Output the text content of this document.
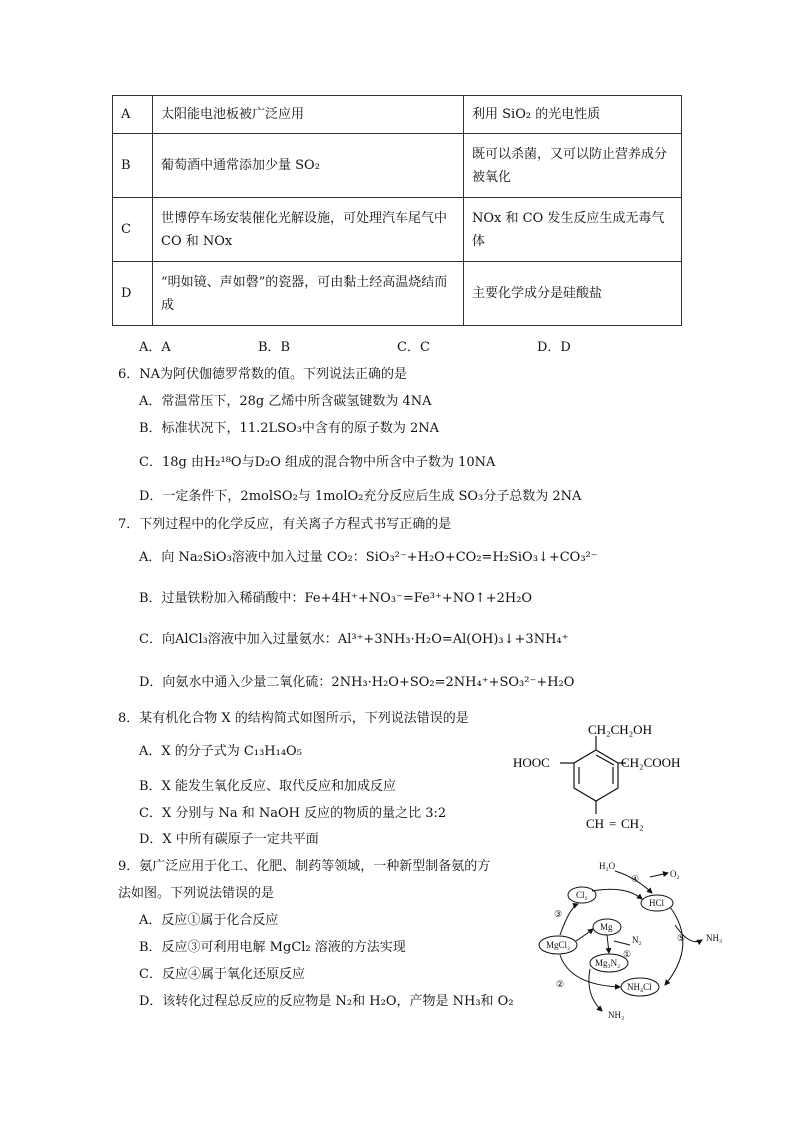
A	太阳能电池板被广泛应用	利用 SiO₂ 的光电性质
B	葡萄酒中通常添加少量 SO₂	既可以杀菌，又可以防止营养成分被氧化
C	世博停车场安装催化光解设施，可处理汽车尾气中 CO 和 NOx	NOx 和 CO 发生反应生成无毒气体
D	“明如镜、声如磬”的瓷器，可由黏土经高温烧结而成	主要化学成分是硅酸盐
A．A	B．B	C．C	D．D
6．NA为阿伏伽德罗常数的值。下列说法正确的是
A．常温常压下，28g 乙烯中所含碳氢键数为 4NA
B．标准状况下，11.2LSO₃中含有的原子数为 2NA
C．18g 由H₂¹⁸O与D₂O 组成的混合物中所含中子数为 10NA
D．一定条件下，2molSO₂与 1molO₂充分反应后生成 SO₃分子总数为 2NA
7．下列过程中的化学反应，有关离子方程式书写正确的是
A．向 Na₂SiO₃溶液中加入过量 CO₂：SiO₃²⁻+H₂O+CO₂=H₂SiO₃↓+CO₃²⁻
B．过量铁粉加入稀硝酸中：Fe+4H⁺+NO₃⁻=Fe³⁺+NO↑+2H₂O
C．向AlCl₃溶液中加入过量氨水：Al³⁺+3NH₃·H₂O=Al(OH)₃↓+3NH₄⁺
D．向氨水中通入少量二氧化硫：2NH₃·H₂O+SO₂=2NH₄⁺+SO₃²⁻+H₂O
8．某有机化合物 X 的结构简式如图所示，下列说法错误的是
A．X 的分子式为 C₁₃H₁₄O₅
B．X 能发生氧化反应、取代反应和加成反应
C．X 分别与 Na 和 NaOH 反应的物质的量之比 3:2
D．X 中所有碳原子一定共平面
CH₂CH₂OH
HOOC	CH₂COOH
CH = CH₂
9．氨广泛应用于化工、化肥、制药等领域，一种新型制备氨的方
法如图。下列说法错误的是
A．反应①属于化合反应
B．反应③可利用电解 MgCl₂ 溶液的方法实现
C．反应④属于氧化还原反应
D．该转化过程总反应的反应物是 N₂和 H₂O，产物是 NH₃和 O₂
H₂O
O₂
④
Cl₂
HCl
③
Mg
N₂
①
MgCl₂
⑤ NH₃
Mg₃N₂
②	NH₄Cl
NH₃
